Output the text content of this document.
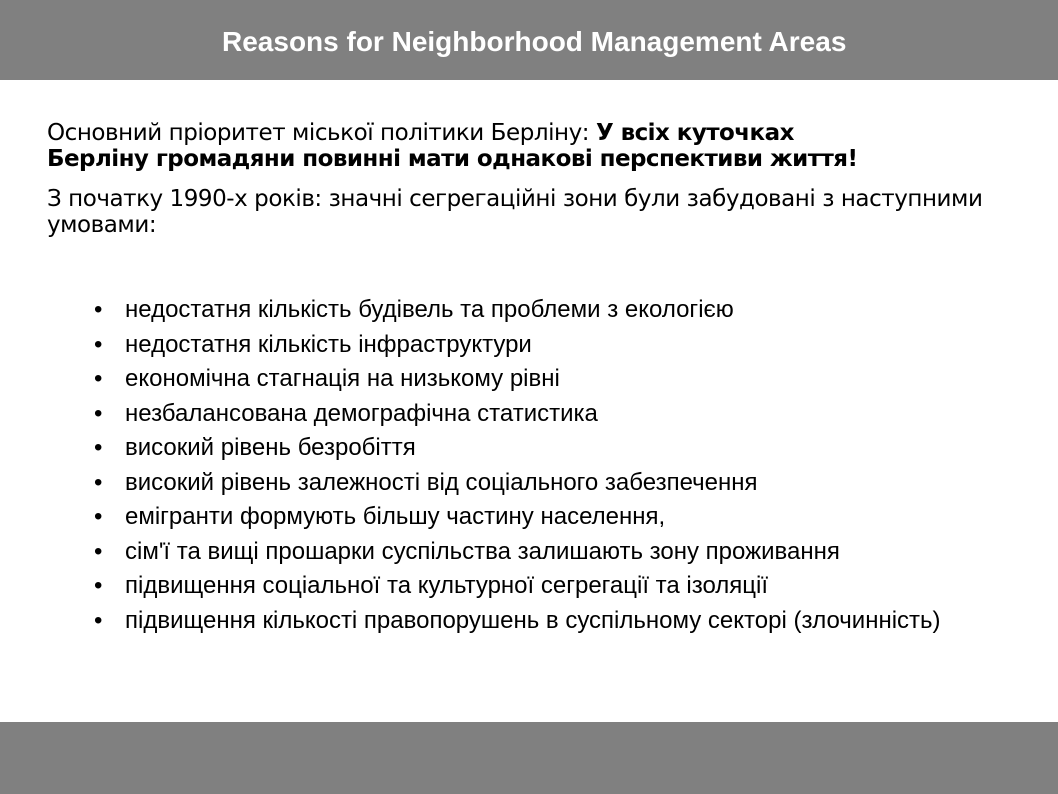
Reasons for Neighborhood Management Areas

Основний пріоритет міської політики Берліну: У всіх куточках
Берліну громадяни повинні мати однакові перспективи життя!

З початку 1990-х років: значні сегрегаційні зони були забудовані з наступними умовами:

• недостатня кількість будівель та проблеми з екологією
• недостатня кількість інфраструктури
• економічна стагнація на низькому рівні
• незбалансована демографічна статистика
• високий рівень безробіття
• високий рівень залежності від соціального забезпечення
• емігранти формують більшу частину населення,
• сім'ї та вищі прошарки суспільства залишають зону проживання
• підвищення соціальної та культурної сегрегації та ізоляції
• підвищення кількості правопорушень в суспільному секторі (злочинність)
